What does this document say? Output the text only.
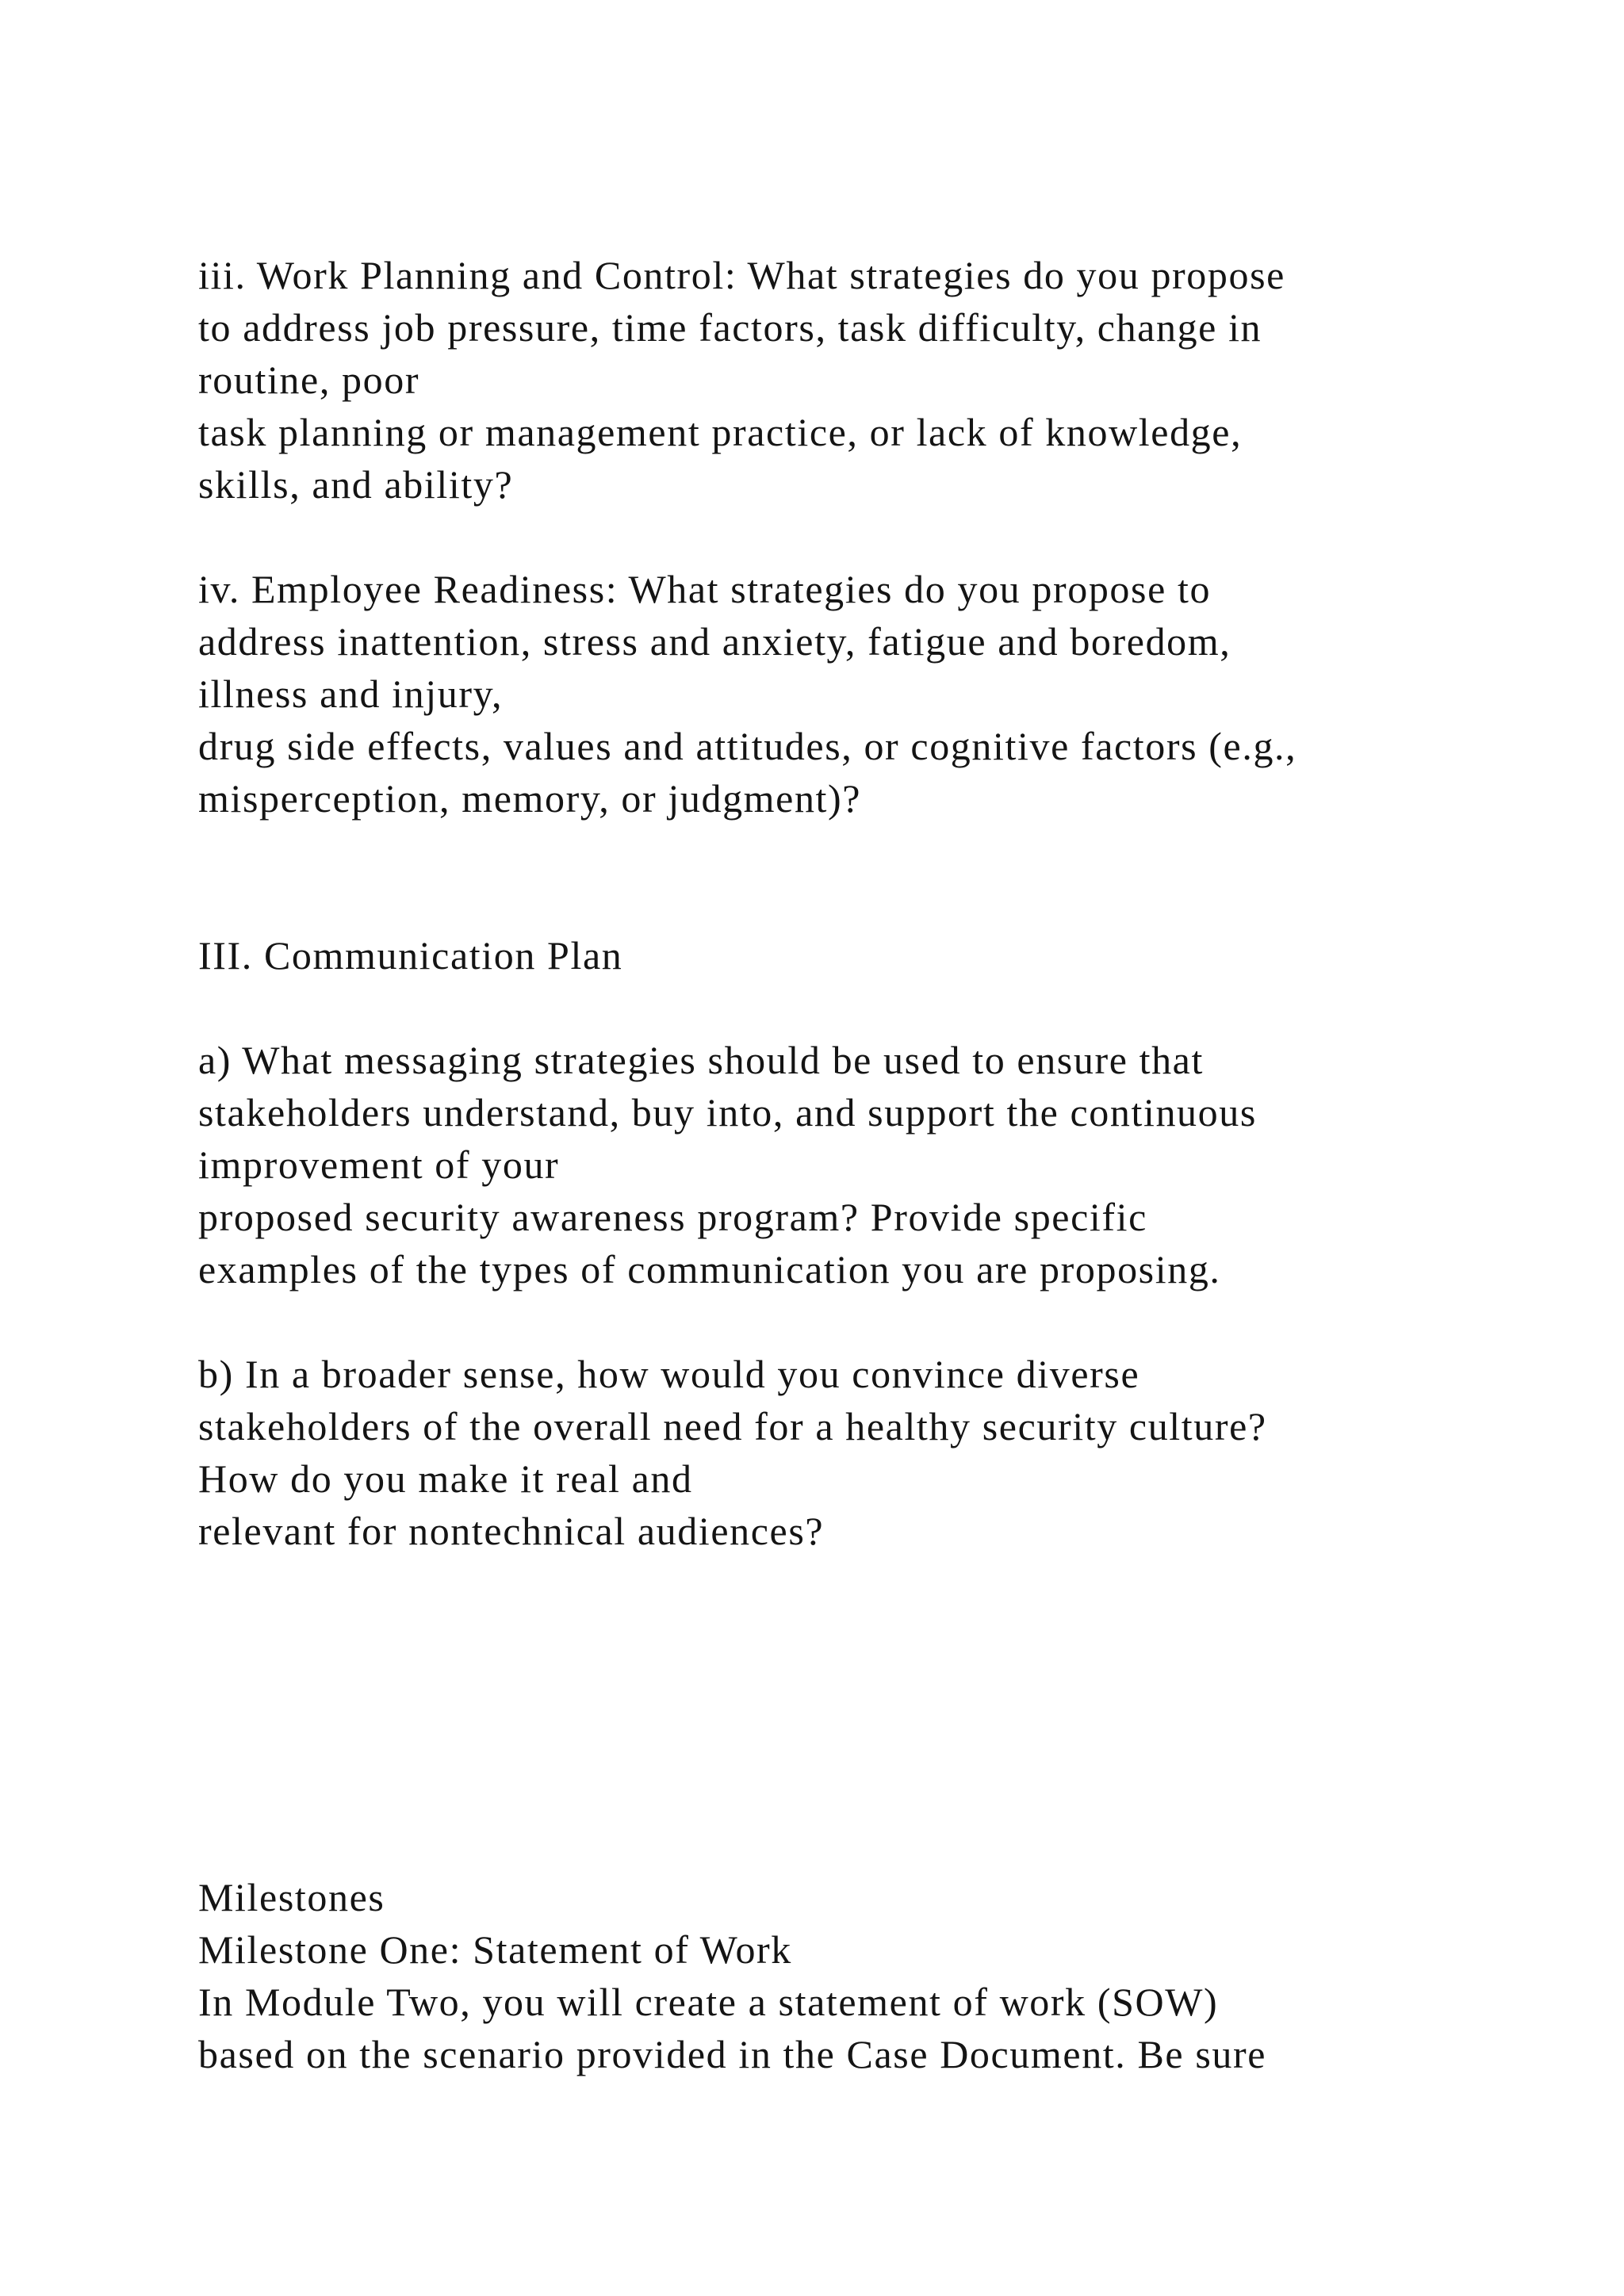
iii. Work Planning and Control: What strategies do you propose
to address job pressure, time factors, task difficulty, change in
routine, poor
task planning or management practice, or lack of knowledge,
skills, and ability?
iv. Employee Readiness: What strategies do you propose to
address inattention, stress and anxiety, fatigue and boredom,
illness and injury,
drug side effects, values and attitudes, or cognitive factors (e.g.,
misperception, memory, or judgment)?
III. Communication Plan
a) What messaging strategies should be used to ensure that
stakeholders understand, buy into, and support the continuous
improvement of your
proposed security awareness program? Provide specific
examples of the types of communication you are proposing.
b) In a broader sense, how would you convince diverse
stakeholders of the overall need for a healthy security culture?
How do you make it real and
relevant for nontechnical audiences?
Milestones
Milestone One: Statement of Work
In Module Two, you will create a statement of work (SOW)
based on the scenario provided in the Case Document. Be sure
